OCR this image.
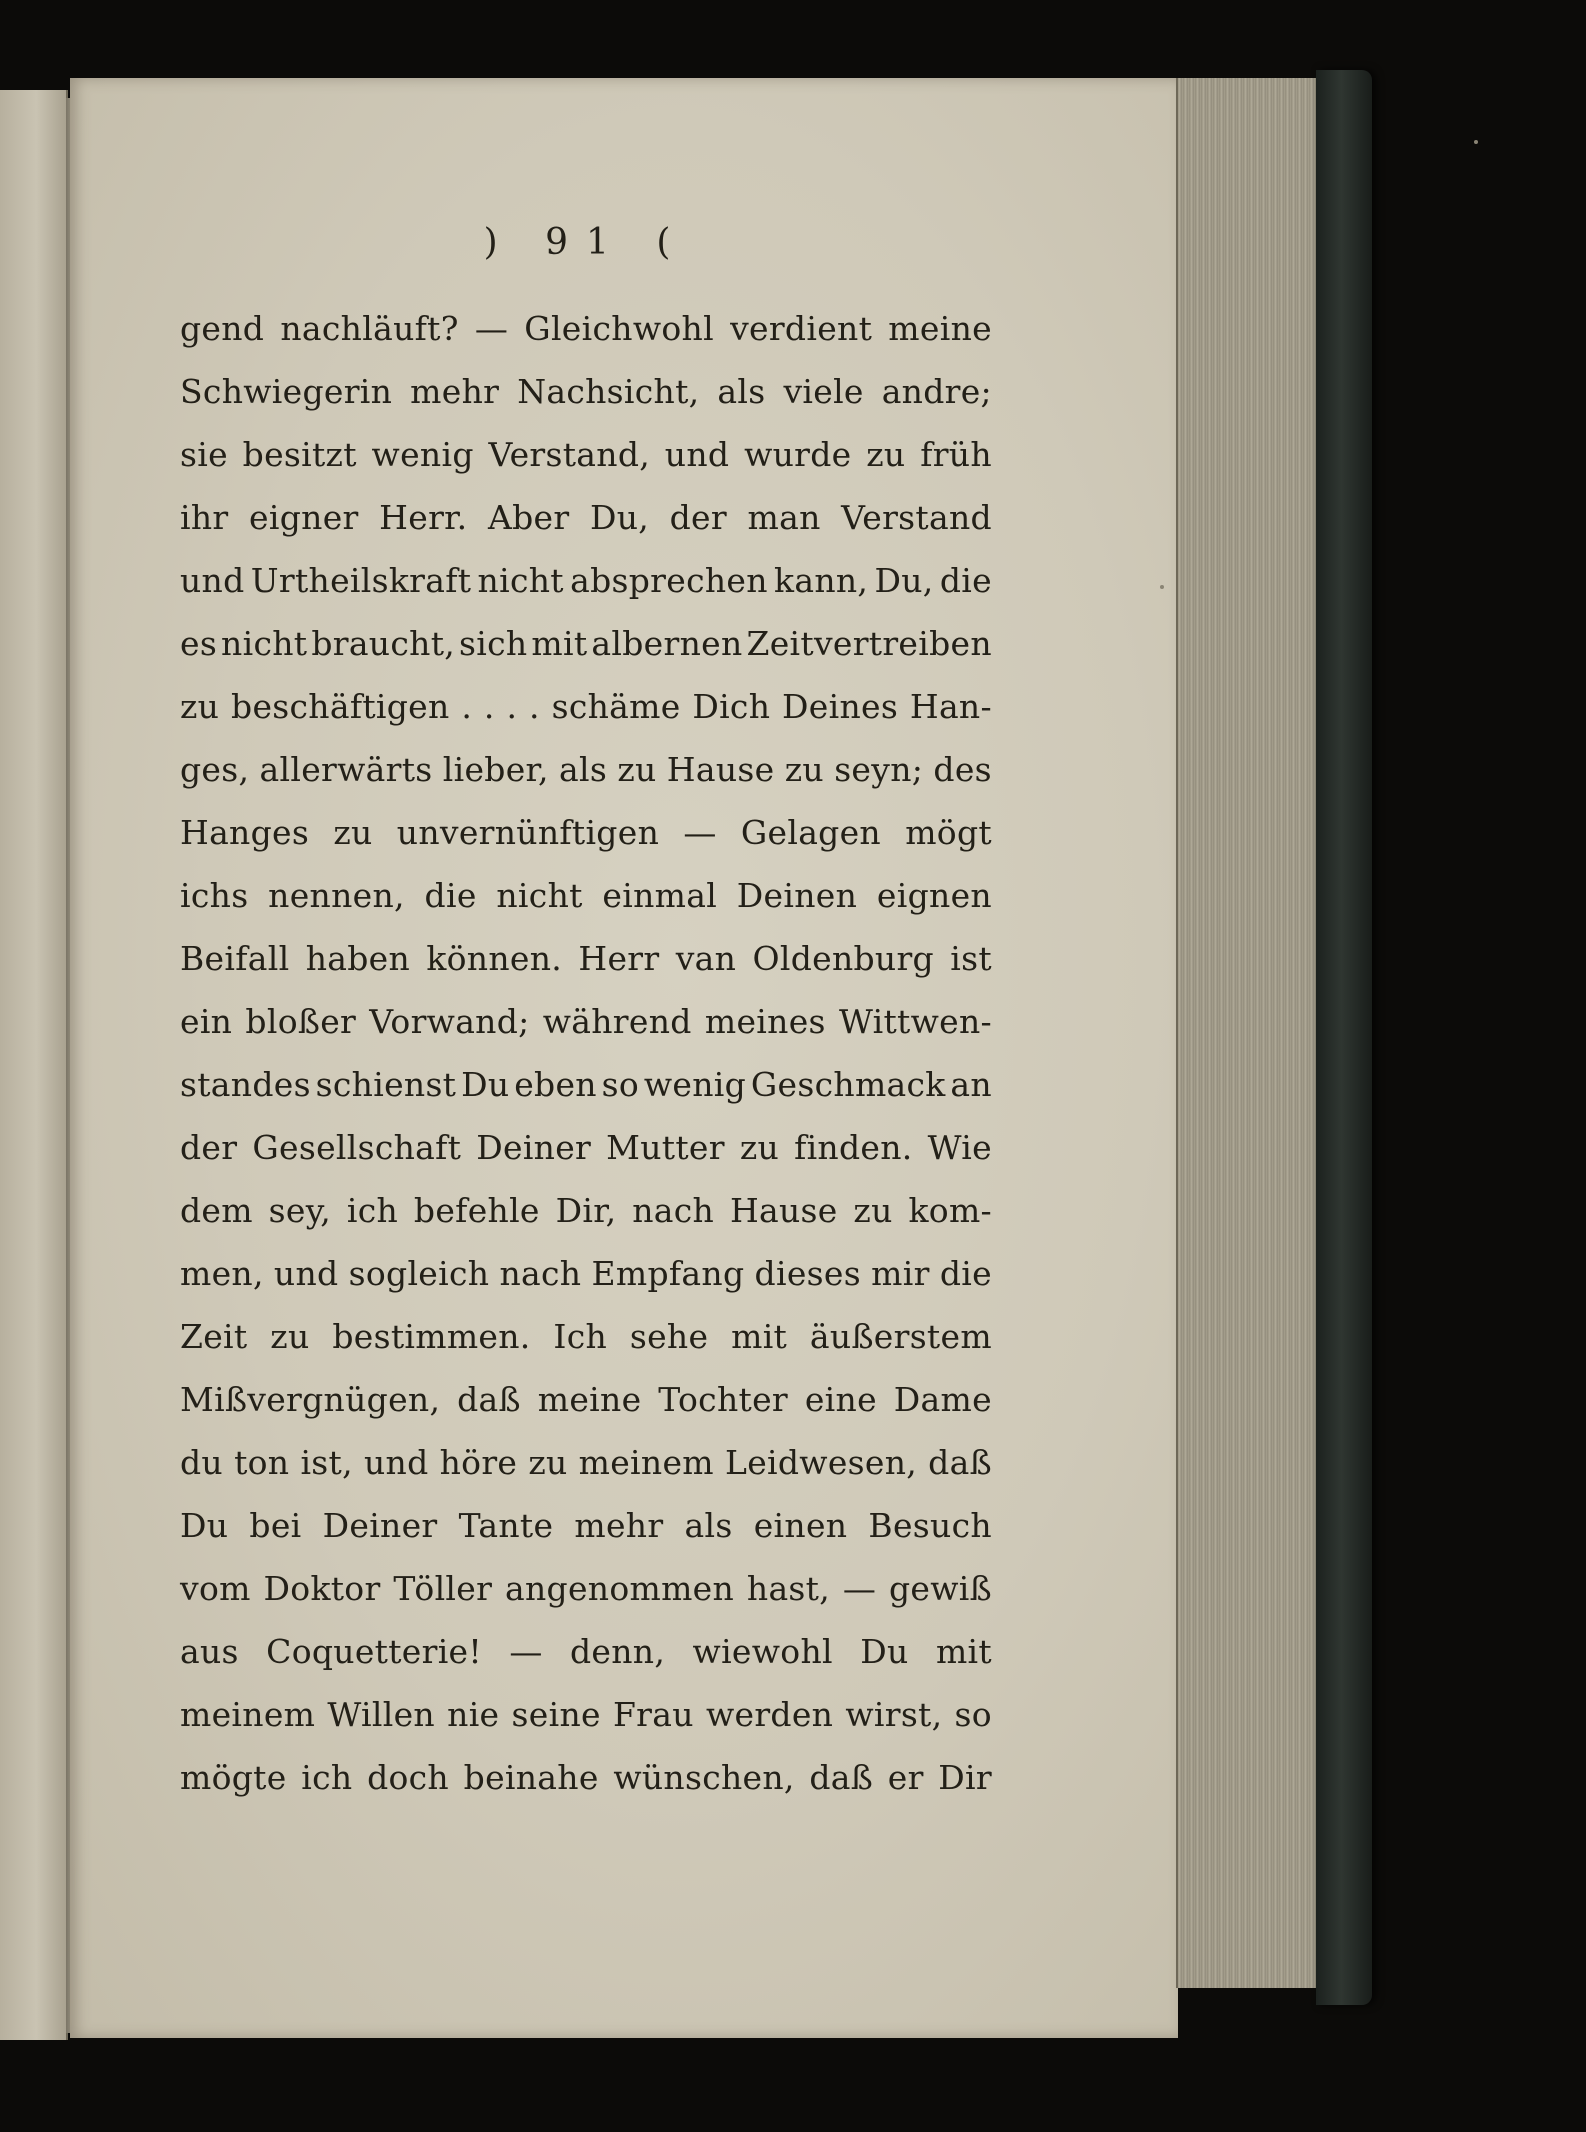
) 91 (
gend nachläuft? — Gleichwohl verdient meine
Schwiegerin mehr Nachsicht, als viele andre;
sie besitzt wenig Verstand, und wurde zu früh
ihr eigner Herr. Aber Du, der man Verstand
und Urtheilskraft nicht absprechen kann, Du, die
es nicht braucht, sich mit albernen Zeitvertreiben
zu beschäftigen . . . . schäme Dich Deines Han-
ges, allerwärts lieber, als zu Hause zu seyn; des
Hanges zu unvernünftigen — Gelagen mögt
ichs nennen, die nicht einmal Deinen eignen
Beifall haben können. Herr van Oldenburg ist
ein bloßer Vorwand; während meines Wittwen-
standes schienst Du eben so wenig Geschmack an
der Gesellschaft Deiner Mutter zu finden. Wie
dem sey, ich befehle Dir, nach Hause zu kom-
men, und sogleich nach Empfang dieses mir die
Zeit zu bestimmen. Ich sehe mit äußerstem
Mißvergnügen, daß meine Tochter eine Dame
du ton ist, und höre zu meinem Leidwesen, daß
Du bei Deiner Tante mehr als einen Besuch
vom Doktor Töller angenommen hast, — gewiß
aus Coquetterie! — denn, wiewohl Du mit
meinem Willen nie seine Frau werden wirst, so
mögte ich doch beinahe wünschen, daß er Dir
